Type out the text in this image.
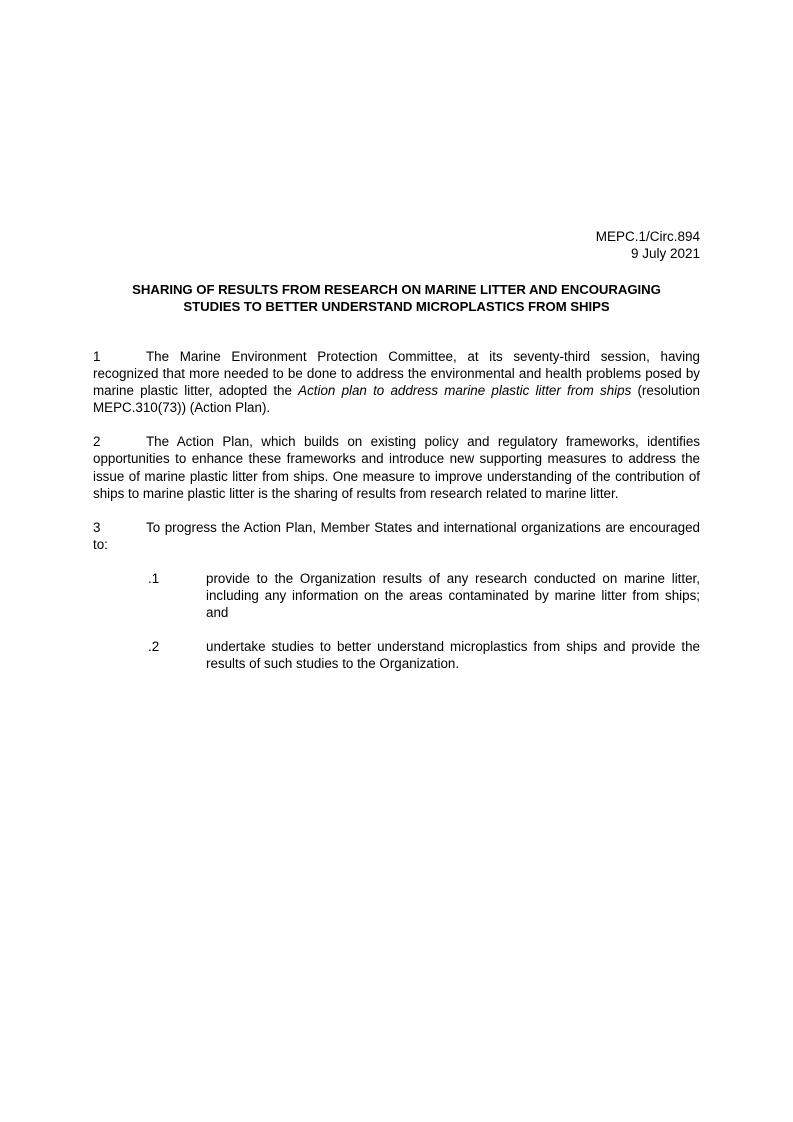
MEPC.1/Circ.894
9 July 2021
SHARING OF RESULTS FROM RESEARCH ON MARINE LITTER AND ENCOURAGING
STUDIES TO BETTER UNDERSTAND MICROPLASTICS FROM SHIPS

1	The Marine Environment Protection Committee, at its seventy-third session, having recognized that more needed to be done to address the environmental and health problems posed by marine plastic litter, adopted the Action plan to address marine plastic litter from ships (resolution MEPC.310(73)) (Action Plan).

2	The Action Plan, which builds on existing policy and regulatory frameworks, identifies opportunities to enhance these frameworks and introduce new supporting measures to address the issue of marine plastic litter from ships. One measure to improve understanding of the contribution of ships to marine plastic litter is the sharing of results from research related to marine litter.

3	To progress the Action Plan, Member States and international organizations are encouraged to:

.1	provide to the Organization results of any research conducted on marine litter, including any information on the areas contaminated by marine litter from ships; and

.2	undertake studies to better understand microplastics from ships and provide the results of such studies to the Organization.
